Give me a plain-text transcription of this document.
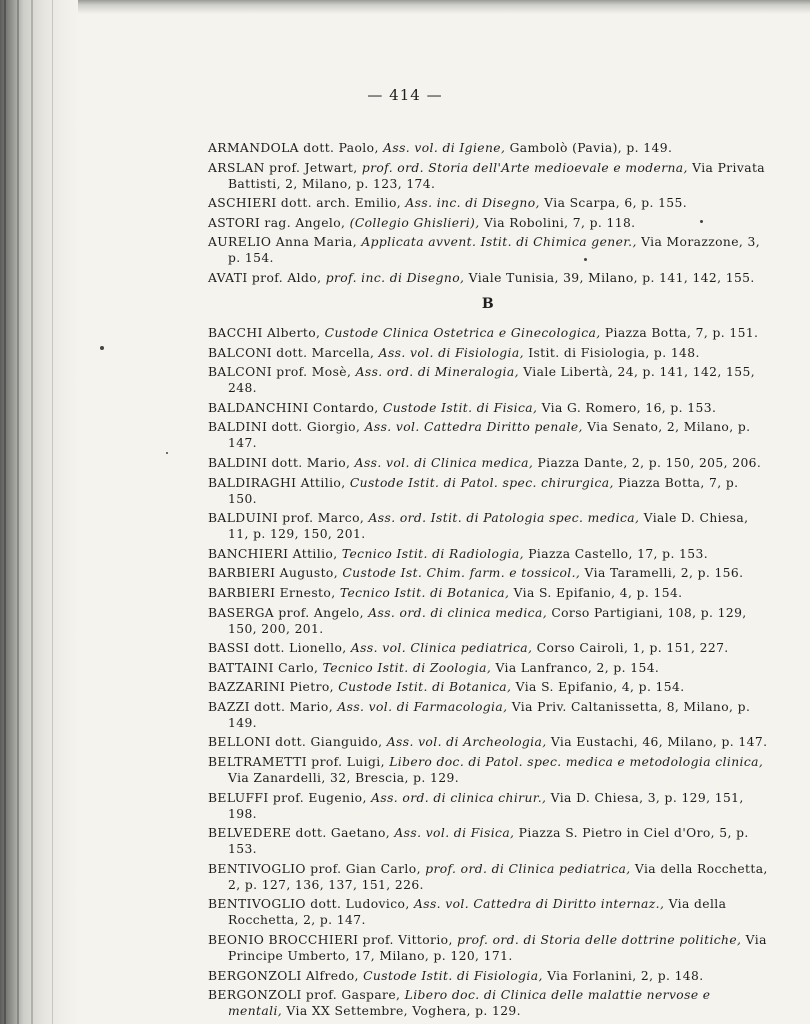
— 414 —
ARMANDOLA dott. Paolo, Ass. vol. di Igiene, Gambolò (Pavia), p. 149.
ARSLAN prof. Jetwart, prof. ord. Storia dell'Arte medioevale e moderna, Via Privata Battisti, 2, Milano, p. 123, 174.
ASCHIERI dott. arch. Emilio, Ass. inc. di Disegno, Via Scarpa, 6, p. 155.
ASTORI rag. Angelo, (Collegio Ghislieri), Via Robolini, 7, p. 118.
AURELIO Anna Maria, Applicata avvent. Istit. di Chimica gener., Via Morazzone, 3, p. 154.
AVATI prof. Aldo, prof. inc. di Disegno, Viale Tunisia, 39, Milano, p. 141, 142, 155.
B
BACCHI Alberto, Custode Clinica Ostetrica e Ginecologica, Piazza Botta, 7, p. 151.
BALCONI dott. Marcella, Ass. vol. di Fisiologia, Istit. di Fisiologia, p. 148.
BALCONI prof. Mosè, Ass. ord. di Mineralogia, Viale Libertà, 24, p. 141, 142, 155, 248.
BALDANCHINI Contardo, Custode Istit. di Fisica, Via G. Romero, 16, p. 153.
BALDINI dott. Giorgio, Ass. vol. Cattedra Diritto penale, Via Senato, 2, Milano, p. 147.
BALDINI dott. Mario, Ass. vol. di Clinica medica, Piazza Dante, 2, p. 150, 205, 206.
BALDIRAGHI Attilio, Custode Istit. di Patol. spec. chirurgica, Piazza Botta, 7, p. 150.
BALDUINI prof. Marco, Ass. ord. Istit. di Patologia spec. medica, Viale D. Chiesa, 11, p. 129, 150, 201.
BANCHIERI Attilio, Tecnico Istit. di Radiologia, Piazza Castello, 17, p. 153.
BARBIERI Augusto, Custode Ist. Chim. farm. e tossicol., Via Taramelli, 2, p. 156.
BARBIERI Ernesto, Tecnico Istit. di Botanica, Via S. Epifanio, 4, p. 154.
BASERGA prof. Angelo, Ass. ord. di clinica medica, Corso Partigiani, 108, p. 129, 150, 200, 201.
BASSI dott. Lionello, Ass. vol. Clinica pediatrica, Corso Cairoli, 1, p. 151, 227.
BATTAINI Carlo, Tecnico Istit. di Zoologia, Via Lanfranco, 2, p. 154.
BAZZARINI Pietro, Custode Istit. di Botanica, Via S. Epifanio, 4, p. 154.
BAZZI dott. Mario, Ass. vol. di Farmacologia, Via Priv. Caltanissetta, 8, Milano, p. 149.
BELLONI dott. Gianguido, Ass. vol. di Archeologia, Via Eustachi, 46, Milano, p. 147.
BELTRAMETTI prof. Luigi, Libero doc. di Patol. spec. medica e metodologia clinica, Via Zanardelli, 32, Brescia, p. 129.
BELUFFI prof. Eugenio, Ass. ord. di clinica chirur., Via D. Chiesa, 3, p. 129, 151, 198.
BELVEDERE dott. Gaetano, Ass. vol. di Fisica, Piazza S. Pietro in Ciel d'Oro, 5, p. 153.
BENTIVOGLIO prof. Gian Carlo, prof. ord. di Clinica pediatrica, Via della Rocchetta, 2, p. 127, 136, 137, 151, 226.
BENTIVOGLIO dott. Ludovico, Ass. vol. Cattedra di Diritto internaz., Via della Rocchetta, 2, p. 147.
BEONIO BROCCHIERI prof. Vittorio, prof. ord. di Storia delle dottrine politiche, Via Principe Umberto, 17, Milano, p. 120, 171.
BERGONZOLI Alfredo, Custode Istit. di Fisiologia, Via Forlanini, 2, p. 148.
BERGONZOLI prof. Gaspare, Libero doc. di Clinica delle malattie nervose e mentali, Via XX Settembre, Voghera, p. 129.
